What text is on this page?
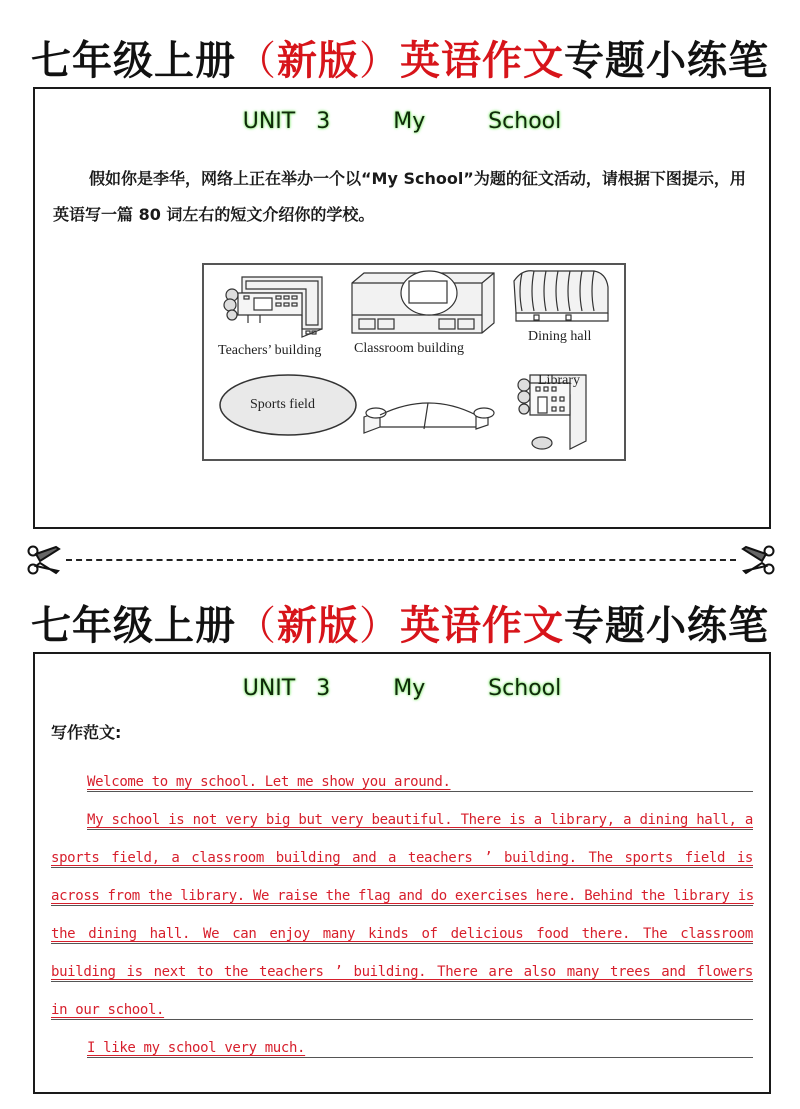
七年级上册（新版）英语作文专题小练笔
UNIT 3   My   School
假如你是李华，网络上正在举办一个以“My School”为题的征文活动，请根据下图提示，用英语写一篇 80 词左右的短文介绍你的学校。
Teachers’ building Classroom building
Dining hall
Sports field
Library
七年级上册（新版）英语作文专题小练笔
UNIT 3   My   School
写作范文:
Welcome to my school. Let me show you around.
My school is not very big but very beautiful. There is a library, a dining hall, a
sports field, a classroom building and a teachers ’ building. The sports field is
across from the library. We raise the flag and do exercises here. Behind the library is
the dining hall. We can enjoy many kinds of delicious food there. The classroom
building is next to the teachers ’ building. There are also many trees and flowers
in our school.
I like my school very much.
